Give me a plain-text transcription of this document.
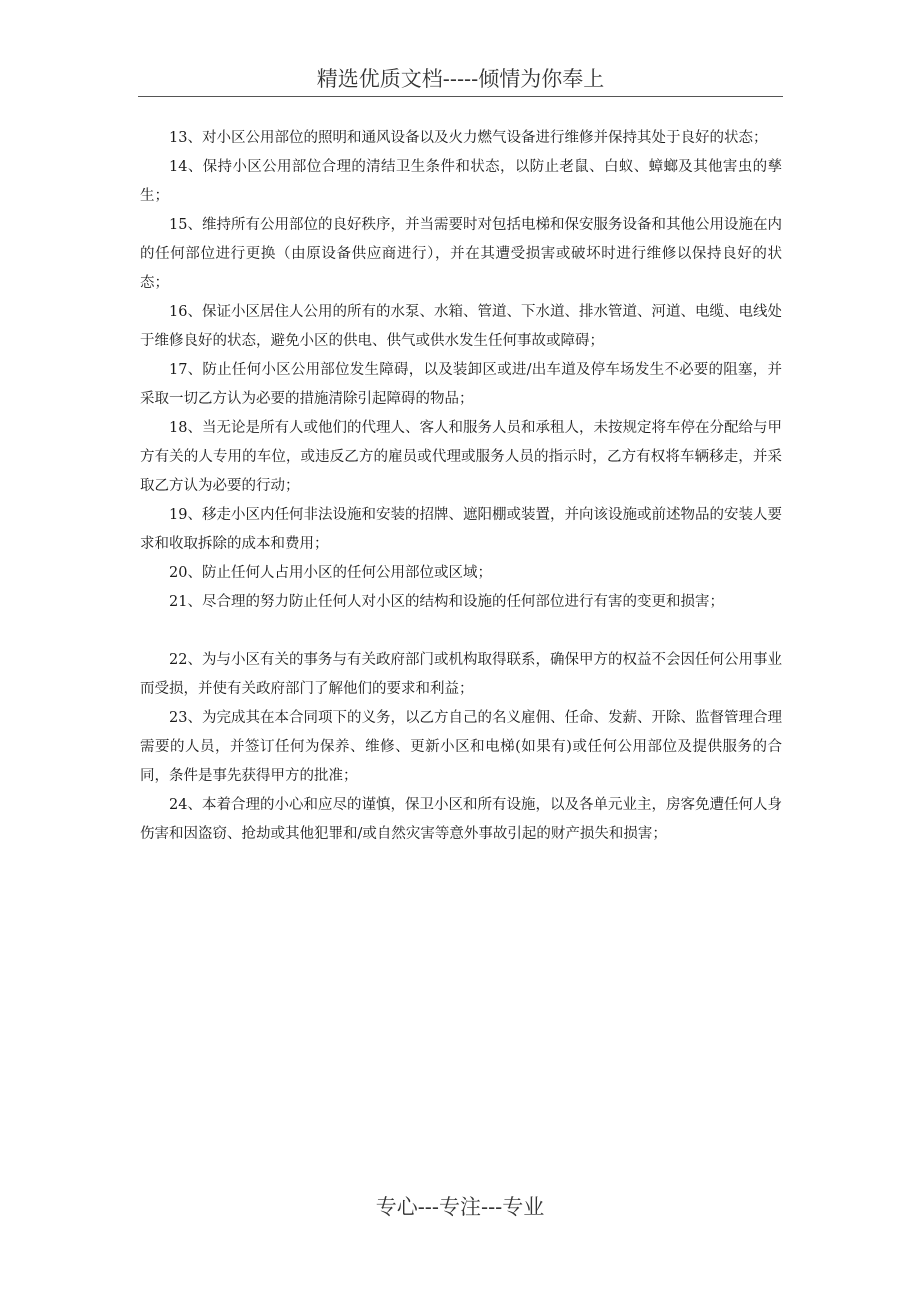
精选优质文档-----倾情为你奉上

13、对小区公用部位的照明和通风设备以及火力燃气设备进行维修并保持其处于良好的状态；

14、保持小区公用部位合理的清结卫生条件和状态，以防止老鼠、白蚁、蟑螂及其他害虫的孳生；

15、维持所有公用部位的良好秩序，并当需要时对包括电梯和保安服务设备和其他公用设施在内的任何部位进行更换（由原设备供应商进行），并在其遭受损害或破坏时进行维修以保持良好的状态；

16、保证小区居住人公用的所有的水泵、水箱、管道、下水道、排水管道、河道、电缆、电线处于维修良好的状态，避免小区的供电、供气或供水发生任何事故或障碍；

17、防止任何小区公用部位发生障碍，以及装卸区或进/出车道及停车场发生不必要的阻塞，并采取一切乙方认为必要的措施清除引起障碍的物品；

18、当无论是所有人或他们的代理人、客人和服务人员和承租人，未按规定将车停在分配给与甲方有关的人专用的车位，或违反乙方的雇员或代理或服务人员的指示时，乙方有权将车辆移走，并采取乙方认为必要的行动；

19、移走小区内任何非法设施和安装的招牌、遮阳棚或装置，并向该设施或前述物品的安装人要求和收取拆除的成本和费用；

20、防止任何人占用小区的任何公用部位或区域；

21、尽合理的努力防止任何人对小区的结构和设施的任何部位进行有害的变更和损害；

22、为与小区有关的事务与有关政府部门或机构取得联系，确保甲方的权益不会因任何公用事业而受损，并使有关政府部门了解他们的要求和利益；

23、为完成其在本合同项下的义务，以乙方自己的名义雇佣、任命、发薪、开除、监督管理合理需要的人员，并签订任何为保养、维修、更新小区和电梯(如果有)或任何公用部位及提供服务的合同，条件是事先获得甲方的批准；

24、本着合理的小心和应尽的谨慎，保卫小区和所有设施，以及各单元业主，房客免遭任何人身伤害和因盗窃、抢劫或其他犯罪和/或自然灾害等意外事故引起的财产损失和损害；

专心---专注---专业
